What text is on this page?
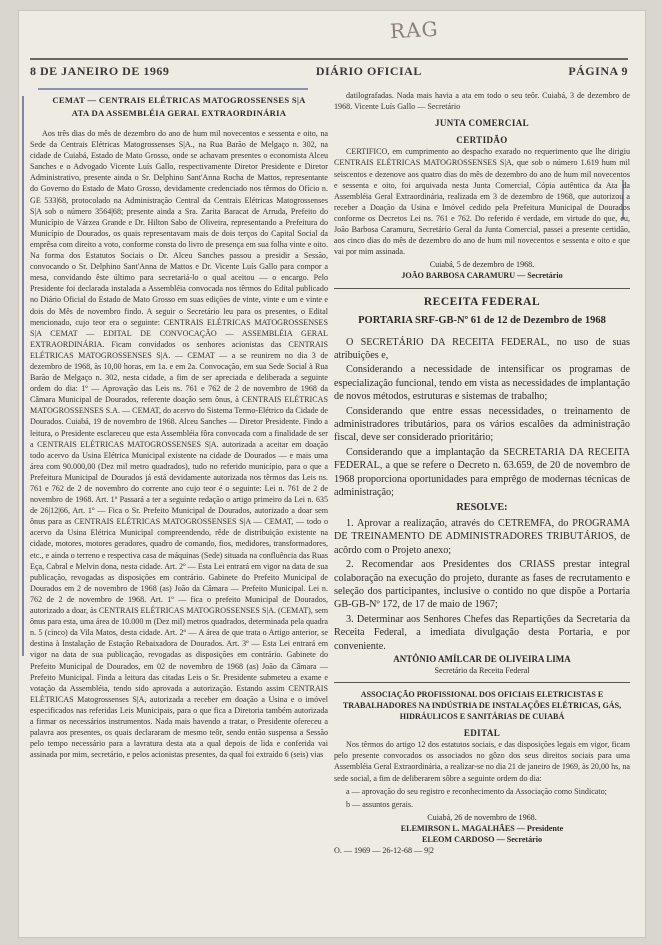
RAG
8 DE JANEIRO DE 1969	DIÁRIO OFICIAL	PÁGINA 9
CEMAT — CENTRAIS ELÉTRICAS MATOGROSSENSES S|A
ATA DA ASSEMBLÉIA GERAL EXTRAORDINÁRIA

Aos três dias do mês de dezembro do ano de hum mil novecentos e sessenta e oito, na Sede da Centrais Elétricas Matogrossenses S|A., na Rua Barão de Melgaço n. 302, na cidade de Cuiabá, Estado de Mato Grosso, onde se achavam presentes o economista Alceu Sanches e o Advogado Vicente Luís Gallo, respectivamente Diretor Presidente e Diretor Administrativo, presente ainda o Sr. Delphino Sant'Anna Rocha de Mattos, representante do Governo do Estado de Mato Grosso, devidamente credenciado nos têrmos do Ofício n. GE 533|68, protocolado na Administração Central da Centrais Elétricas Matogrossenses S|A sob o número 3564|68; presente ainda a Sra. Zarita Baracat de Arruda, Prefeito do Município de Várzea Grande e Dr. Hilton Sabo de Oliveira, representando a Prefeitura do Município de Dourados, os quais representavam mais de dois terços do Capital Social da emprêsa com direito a voto, conforme consta do livro de presença em sua folha vinte e oito. Na forma dos Estatutos Sociais o Dr. Alceu Sanches passou a presidir a Sessão, convocando o Sr. Delphino Sant'Anna de Mattos e Dr. Vicente Luís Gallo para compor a mesa, convidando êste último para secretariá-lo o qual aceitou — o encargo. Pelo Presidente foi declarada instalada a Assembléia convocada nos têrmos do Edital publicado no Diário Oficial do Estado de Mato Grosso em suas edições de vinte, vinte e um e vinte e dois do Mês de novembro findo. A seguir o Secretário leu para os presentes, o Edital mencionado, cujo teor era o seguinte: CENTRAIS ELÉTRICAS MATOGROSSENSES S|A CEMAT — EDITAL DE CONVOCAÇÃO — ASSEMBLÉIA GERAL EXTRAORDINÁRIA. Ficam convidados os senhores acionistas das CENTRAIS ELÉTRICAS MATOGROSSENSES S|A. — CEMAT — a se reunirem no dia 3 de dezembro de 1968, às 10,00 horas, em 1a. e em 2a. Convocação, em sua Sede Social à Rua Barão de Melgaço n. 302, nesta cidade, a fim de ser apreciada e deliberada a seguinte ordem do dia: 1º — Aprovação das Leis ns. 761 e 762 de 2 de novembro de 1968 da Câmara Municipal de Dourados, referente doação sem ônus, à CENTRAIS ELÉTRICAS MATOGROSSENSES S.A. — CEMAT, do acervo do Sistema Termo-Elétrico da Cidade de Dourados. Cuiabá, 19 de novembro de 1968. Alceu Sanches — Diretor Presidente. Findo a leitura, o Presidente esclareceu que esta Assembléia fôra convocada com a finalidade de ser a CENTRAIS ELÉTRICAS MATOGROSSENSES S|A. autorizada a aceitar em doação todo acervo da Usina Elétrica Municipal existente na cidade de Dourados — e mais uma área com 90.000,00 (Dez mil metro quadrados), tudo no referido município, para o que a Prefeitura Municipal de Dourados já está devidamente autorizada nos têrmos das Leis ns. 761 e 762 de 2 de novembro do corrente ano cujo teor é o seguinte: Lei n. 761 de 2 de novembro de 1968. Art. 1º Passará a ter a seguinte redação o artigo primeiro da Lei n. 635 de 26|12|66, Art. 1º — Fica o Sr. Prefeito Municipal de Dourados, autorizado a doar sem ônus para as CENTRAIS ELÉTRICAS MATOGROSSENSES S|A — CEMAT, — todo o acervo da Usina Elétrica Municipal compreendendo, rêde de distribuição existente na cidade, motores, motores geradores, quadro de comando, fios, medidores, transformadores, etc., e ainda o terreno e respectiva casa de máquinas (Sede) situada na confluência das Ruas Eça, Cabral e Melvin dona, nesta cidade. Art. 2º — Esta Lei entrará em vigor na data de sua publicação, revogadas as disposições em contrário. Gabinete do Prefeito Municipal de Dourados em 2 de novembro de 1968 (as) João da Câmara — Prefeito Municipal. Lei n. 762 de 2 de novembro de 1968. Art. 1º — fica o prefeito Municipal de Dourados, autorizado a doar, às CENTRAIS ELÉTRICAS MATOGROSSENSES S|A. (CEMAT), sem ônus para esta, uma área de 10.000 m (Dez mil) metros quadrados, determinada pela quadra n. 5 (cinco) da Vila Matos, desta cidade. Art. 2º — A área de que trata o Artigo anterior, se destina à Instalação de Estação Rebaixadora de Dourados. Art. 3º — Esta Lei entrará em vigor na data de sua publicação, revogadas as disposições em contrário. Gabinete do Prefeito Municipal de Dourados, em 02 de novembro de 1968 (as) João da Câmara — Prefeito Municipal. Finda a leitura das citadas Leis o Sr. Presidente submeteu a exame e votação da Assembléia, tendo sido aprovada a autorização. Estando assim CENTRAIS ELÉTRICAS Matogrossenses S|A, autorizada a receber em doação a Usina e o imóvel especificados nas referidas Leis Municipais, para o que fica a Diretoria também autorizada a firmar os necessários instrumentos. Nada mais havendo a tratar, o Presidente ofereceu a palavra aos presentes, os quais declararam de mesmo teôr, sendo então suspensa a Sessão pelo tempo necessário para a lavratura desta ata a qual depois de lida e conferida vai assinada por mim, secretário, e pelos acionistas presentes, da qual foi extraído 6 (seis) vias

datilografadas. Nada mais havia a ata em todo o seu teôr. Cuiabá, 3 de dezembro de 1968. Vicente Luís Gallo — Secretário

JUNTA COMERCIAL
CERTIDÃO

CERTIFICO, em cumprimento ao despacho exarado no requerimento que lhe dirigiu CENTRAIS ELÉTRICAS MATOGROSSENSES S|A, que sob o número 1.619 hum mil seiscentos e dezenove aos quatro dias do mês de dezembro do ano de hum mil novecentos e sessenta e oito, foi arquivada nesta Junta Comercial, Cópia autêntica da Ata da Assembléia Geral Extraordinária, realizada em 3 de dezembro de 1968, que autorizou a receber a Doação da Usina e Imóvel cedido pela Prefeitura Municipal de Dourados conforme os Decretos Lei ns. 761 e 762. Do referido é verdade, em virtude do que, eu, João Barbosa Caramuru, Secretário Geral da Junta Comercial, passei a presente certidão, aos cinco dias do mês de dezembro do ano de hum mil novecentos e sessenta e oito e que vai por mim assinada.

Cuiabá, 5 de dezembro de 1968.
JOÃO BARBOSA CARAMURU — Secretário
RECEITA FEDERAL
PORTARIA SRF-GB-Nº 61 de 12 de Dezembro de 1968

O SECRETÁRIO DA RECEITA FEDERAL, no uso de suas atribuições e,

Considerando a necessidade de intensificar os programas de especialização funcional, tendo em vista as necessidades de implantação de novos métodos, estruturas e sistemas de trabalho;

Considerando que entre essas necessidades, o treinamento de administradores tributários, para os vários escalões da administração fiscal, deve ser considerado prioritário;

Considerando que a implantação da SECRETARIA DA RECEITA FEDERAL, a que se refere o Decreto n. 63.659, de 20 de novembro de 1968 proporciona oportunidades para emprêgo de modernas técnicas de administração;

RESOLVE:

1. Aprovar a realização, através do CETREMFA, do PROGRAMA DE TREINAMENTO DE ADMINISTRADORES TRIBUTÁRIOS, de acôrdo com o Projeto anexo;

2. Recomendar aos Presidentes dos CRIASS prestar integral colaboração na execução do projeto, durante as fases de recrutamento e seleção dos participantes, inclusive o contido no que dispõe a Portaria GB-GB-Nº 172, de 17 de maio de 1967;

3. Determinar aos Senhores Chefes das Repartições da Secretaria da Receita Federal, a imediata divulgação desta Portaria, e por conveniente.

ANTÔNIO AMÍLCAR DE OLIVEIRA LIMA
Secretário da Receita Federal
ASSOCIAÇÃO PROFISSIONAL DOS OFICIAIS ELETRICISTAS E TRABALHADORES NA INDÚSTRIA DE INSTALAÇÕES ELÉTRICAS, GÁS, HIDRÁULICOS E SANITÁRIAS DE CUIABÁ
EDITAL

Nos têrmos do artigo 12 dos estatutos sociais, e das disposições legais em vigor, ficam pelo presente convocados os associados no gôzo dos seus direitos sociais para uma Assembléia Geral Extraordinária, a realizar-se no dia 21 de janeiro de 1969, às 20,00 hs, na sede social, a fim de deliberarem sôbre a seguinte ordem do dia:

a — aprovação do seu registro e reconhecimento da Associação como Sindicato;

b — assuntos gerais.

Cuiabá, 26 de novembro de 1968.
ELEMIRSON L. MAGALHÃES — Presidente
ELEOM CARDOSO — Secretário
O. — 1969 — 26-12-68 — 9|2
